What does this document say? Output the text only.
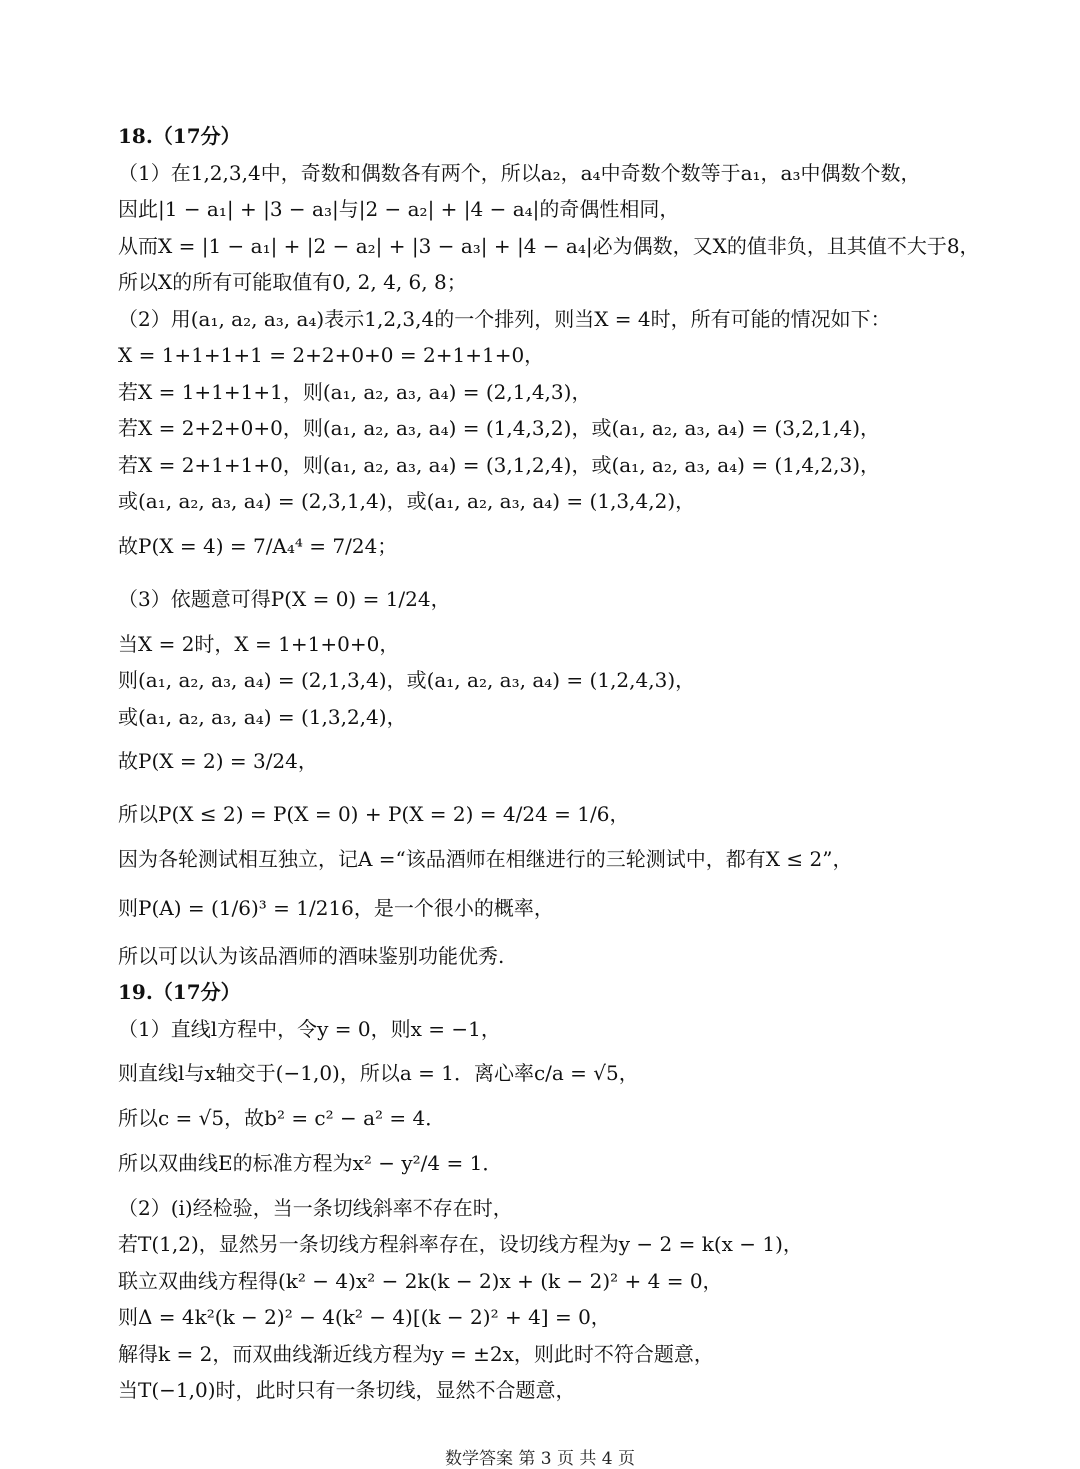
18.（17分）
（1）在1,2,3,4中，奇数和偶数各有两个，所以a₂，a₄中奇数个数等于a₁，a₃中偶数个数，
因此|1 − a₁| + |3 − a₃|与|2 − a₂| + |4 − a₄|的奇偶性相同，
从而X = |1 − a₁| + |2 − a₂| + |3 − a₃| + |4 − a₄|必为偶数，又X的值非负，且其值不大于8，
所以X的所有可能取值有0, 2, 4, 6, 8；
（2）用(a₁, a₂, a₃, a₄)表示1,2,3,4的一个排列，则当X = 4时，所有可能的情况如下：
X = 1+1+1+1 = 2+2+0+0 = 2+1+1+0，
若X = 1+1+1+1，则(a₁, a₂, a₃, a₄) = (2,1,4,3)，
若X = 2+2+0+0，则(a₁, a₂, a₃, a₄) = (1,4,3,2)，或(a₁, a₂, a₃, a₄) = (3,2,1,4)，
若X = 2+1+1+0，则(a₁, a₂, a₃, a₄) = (3,1,2,4)，或(a₁, a₂, a₃, a₄) = (1,4,2,3)，
或(a₁, a₂, a₃, a₄) = (2,3,1,4)，或(a₁, a₂, a₃, a₄) = (1,3,4,2)，
故P(X = 4) = 7/A₄⁴ = 7/24；
（3）依题意可得P(X = 0) = 1/24，
当X = 2时，X = 1+1+0+0，
则(a₁, a₂, a₃, a₄) = (2,1,3,4)，或(a₁, a₂, a₃, a₄) = (1,2,4,3)，
或(a₁, a₂, a₃, a₄) = (1,3,2,4)，
故P(X = 2) = 3/24，
所以P(X ≤ 2) = P(X = 0) + P(X = 2) = 4/24 = 1/6，
因为各轮测试相互独立，记A =“该品酒师在相继进行的三轮测试中，都有X ≤ 2”，
则P(A) = (1/6)³ = 1/216，是一个很小的概率，
所以可以认为该品酒师的酒味鉴别功能优秀.
19.（17分）
（1）直线l方程中，令y = 0，则x = −1，
则直线l与x轴交于(−1,0)，所以a = 1．离心率c/a = √5，
所以c = √5，故b² = c² − a² = 4．
所以双曲线E的标准方程为x² − y²/4 = 1．
（2）(i)经检验，当一条切线斜率不存在时，
若T(1,2)，显然另一条切线方程斜率存在，设切线方程为y − 2 = k(x − 1)，
联立双曲线方程得(k² − 4)x² − 2k(k − 2)x + (k − 2)² + 4 = 0，
则Δ = 4k²(k − 2)² − 4(k² − 4)[(k − 2)² + 4] = 0，
解得k = 2，而双曲线渐近线方程为y = ±2x，则此时不符合题意，
当T(−1,0)时，此时只有一条切线，显然不合题意，
数学答案 第 3 页 共 4 页
